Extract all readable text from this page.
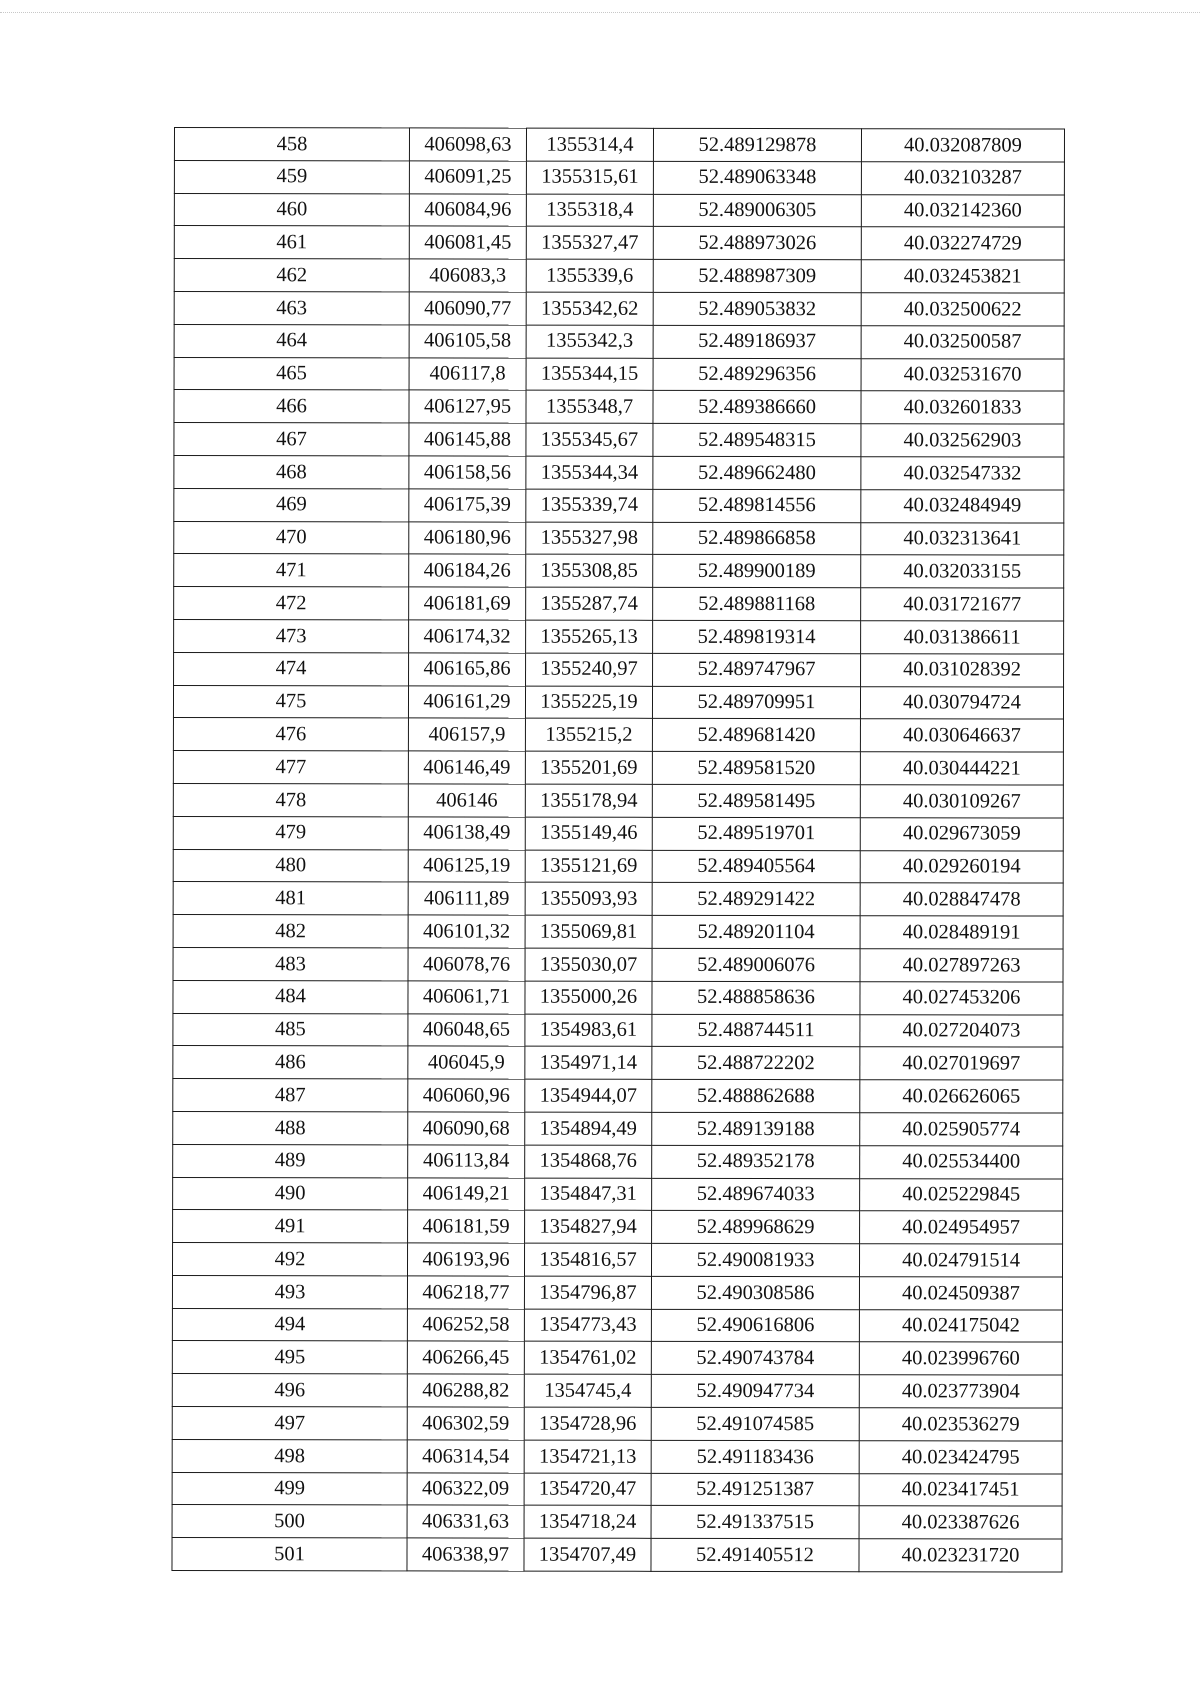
458	406098,63	1355314,4	52.489129878	40.032087809
459	406091,25	1355315,61	52.489063348	40.032103287
460	406084,96	1355318,4	52.489006305	40.032142360
461	406081,45	1355327,47	52.488973026	40.032274729
462	406083,3	1355339,6	52.488987309	40.032453821
463	406090,77	1355342,62	52.489053832	40.032500622
464	406105,58	1355342,3	52.489186937	40.032500587
465	406117,8	1355344,15	52.489296356	40.032531670
466	406127,95	1355348,7	52.489386660	40.032601833
467	406145,88	1355345,67	52.489548315	40.032562903
468	406158,56	1355344,34	52.489662480	40.032547332
469	406175,39	1355339,74	52.489814556	40.032484949
470	406180,96	1355327,98	52.489866858	40.032313641
471	406184,26	1355308,85	52.489900189	40.032033155
472	406181,69	1355287,74	52.489881168	40.031721677
473	406174,32	1355265,13	52.489819314	40.031386611
474	406165,86	1355240,97	52.489747967	40.031028392
475	406161,29	1355225,19	52.489709951	40.030794724
476	406157,9	1355215,2	52.489681420	40.030646637
477	406146,49	1355201,69	52.489581520	40.030444221
478	406146	1355178,94	52.489581495	40.030109267
479	406138,49	1355149,46	52.489519701	40.029673059
480	406125,19	1355121,69	52.489405564	40.029260194
481	406111,89	1355093,93	52.489291422	40.028847478
482	406101,32	1355069,81	52.489201104	40.028489191
483	406078,76	1355030,07	52.489006076	40.027897263
484	406061,71	1355000,26	52.488858636	40.027453206
485	406048,65	1354983,61	52.488744511	40.027204073
486	406045,9	1354971,14	52.488722202	40.027019697
487	406060,96	1354944,07	52.488862688	40.026626065
488	406090,68	1354894,49	52.489139188	40.025905774
489	406113,84	1354868,76	52.489352178	40.025534400
490	406149,21	1354847,31	52.489674033	40.025229845
491	406181,59	1354827,94	52.489968629	40.024954957
492	406193,96	1354816,57	52.490081933	40.024791514
493	406218,77	1354796,87	52.490308586	40.024509387
494	406252,58	1354773,43	52.490616806	40.024175042
495	406266,45	1354761,02	52.490743784	40.023996760
496	406288,82	1354745,4	52.490947734	40.023773904
497	406302,59	1354728,96	52.491074585	40.023536279
498	406314,54	1354721,13	52.491183436	40.023424795
499	406322,09	1354720,47	52.491251387	40.023417451
500	406331,63	1354718,24	52.491337515	40.023387626
501	406338,97	1354707,49	52.491405512	40.023231720
